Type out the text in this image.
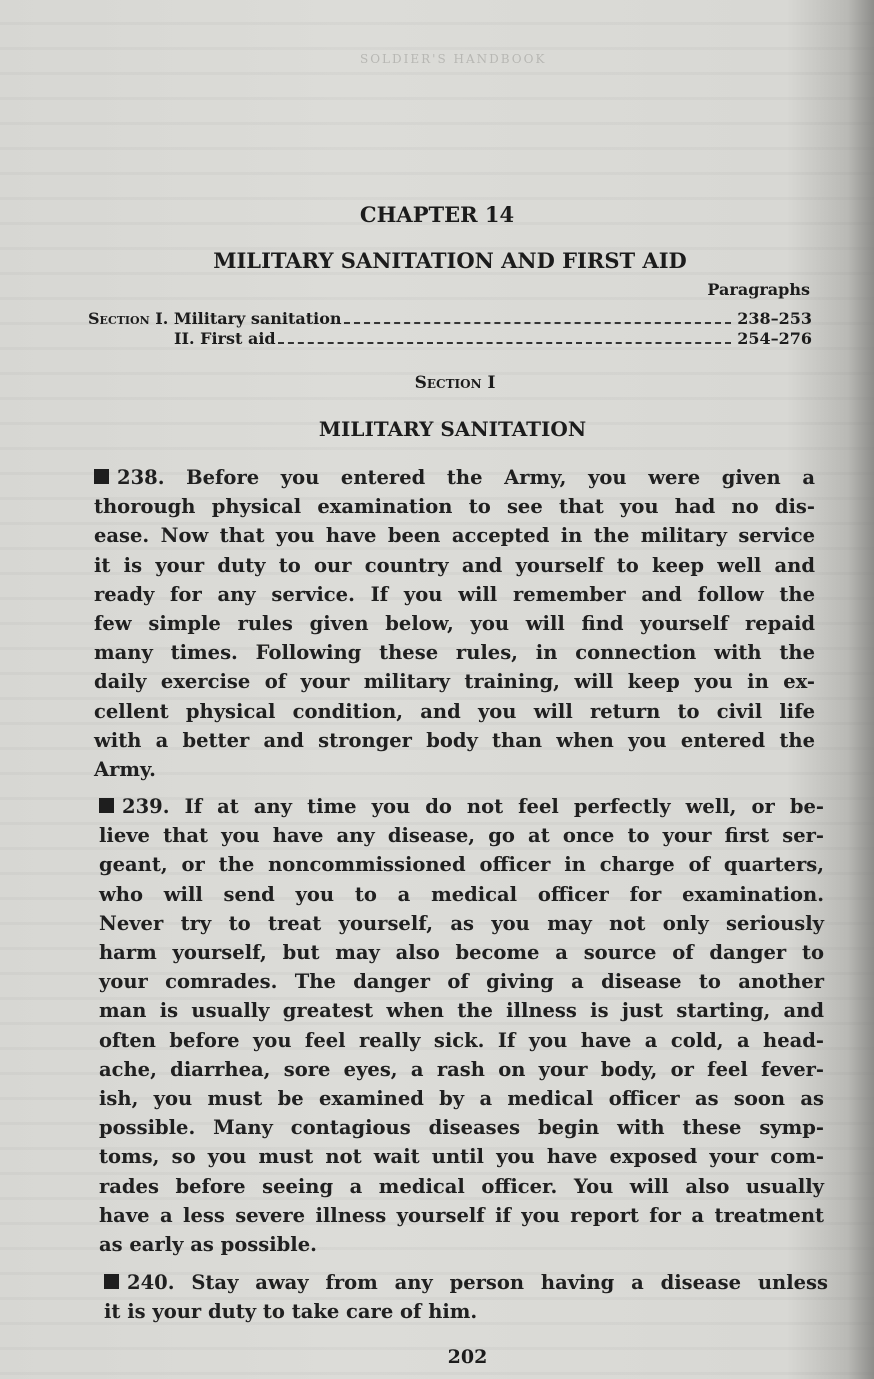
SOLDIER'S HANDBOOK
CHAPTER 14
MILITARY SANITATION AND FIRST AID
Paragraphs
Section I. Military sanitation	238–253
II. First aid	254–276
Section I
MILITARY SANITATION
238. Before you entered the Army, you were given a
thorough physical examination to see that you had no dis-
ease. Now that you have been accepted in the military service
it is your duty to our country and yourself to keep well and
ready for any service. If you will remember and follow the
few simple rules given below, you will find yourself repaid
many times. Following these rules, in connection with the
daily exercise of your military training, will keep you in ex-
cellent physical condition, and you will return to civil life
with a better and stronger body than when you entered the
Army.
239. If at any time you do not feel perfectly well, or be-
lieve that you have any disease, go at once to your first ser-
geant, or the noncommissioned officer in charge of quarters,
who will send you to a medical officer for examination.
Never try to treat yourself, as you may not only seriously
harm yourself, but may also become a source of danger to
your comrades. The danger of giving a disease to another
man is usually greatest when the illness is just starting, and
often before you feel really sick. If you have a cold, a head-
ache, diarrhea, sore eyes, a rash on your body, or feel fever-
ish, you must be examined by a medical officer as soon as
possible. Many contagious diseases begin with these symp-
toms, so you must not wait until you have exposed your com-
rades before seeing a medical officer. You will also usually
have a less severe illness yourself if you report for a treatment
as early as possible.
240. Stay away from any person having a disease unless
it is your duty to take care of him.
202
